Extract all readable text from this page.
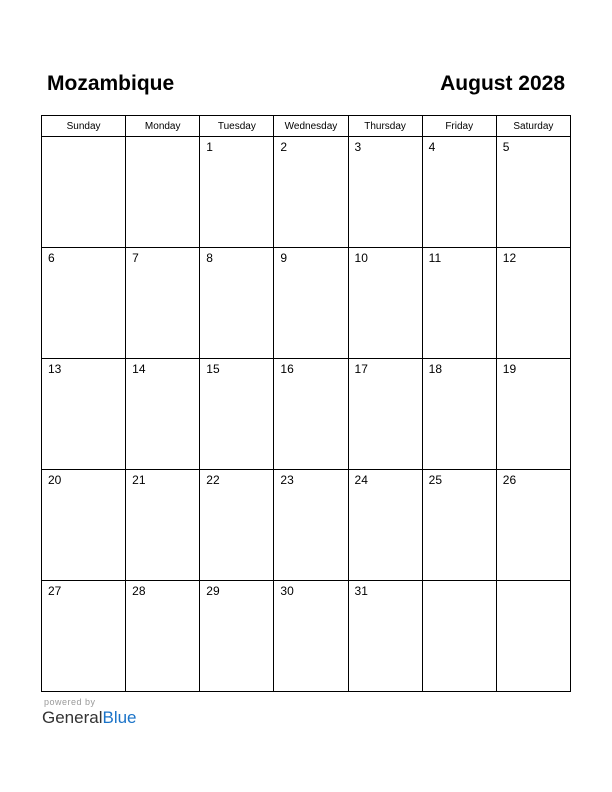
Mozambique	August 2028
Sunday	Monday	Tuesday	Wednesday	Thursday	Friday	Saturday

		1	2	3	4	5

6	7	8	9	10	11	12

13	14	15	16	17	18	19

20	21	22	23	24	25	26

27	28	29	30	31		

powered by
GeneralBlue
